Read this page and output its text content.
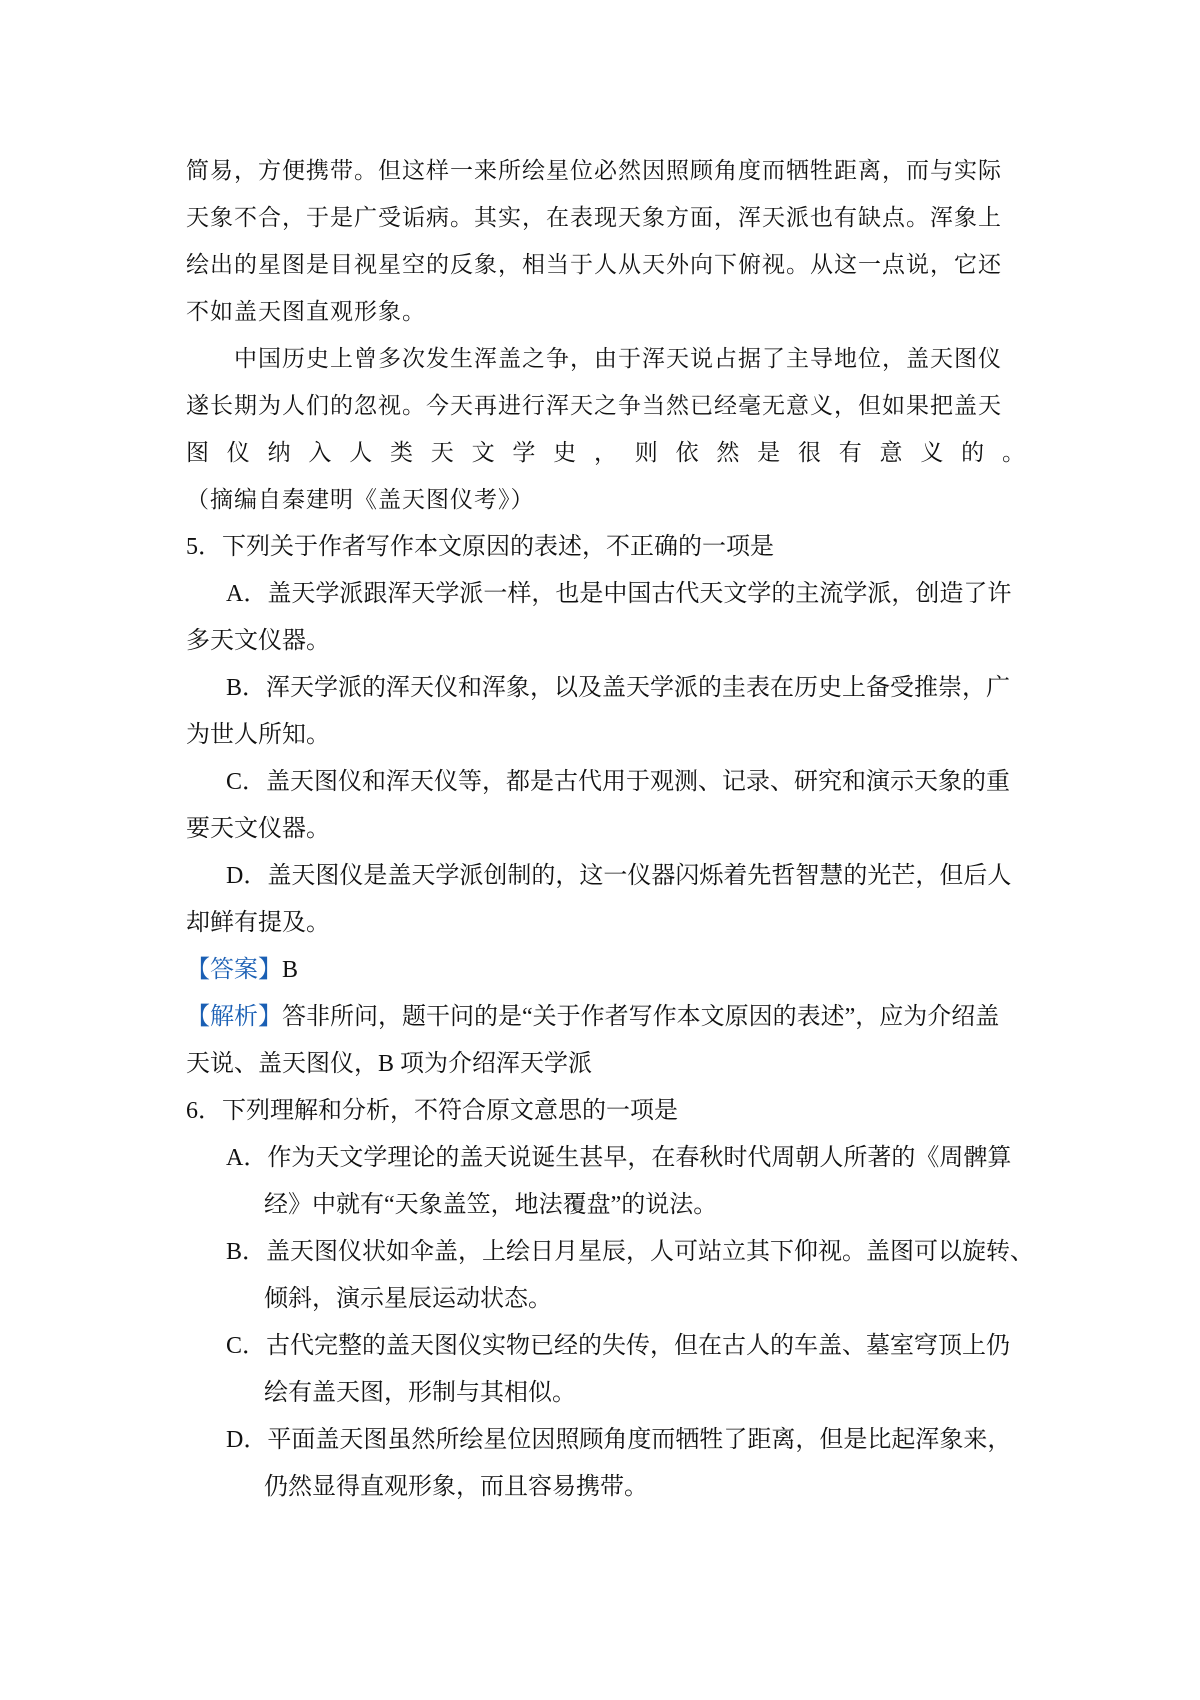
简易，方便携带。但这样一来所绘星位必然因照顾角度而牺牲距离，而与实际

天象不合，于是广受诟病。其实，在表现天象方面，浑天派也有缺点。浑象上

绘出的星图是目视星空的反象，相当于人从天外向下俯视。从这一点说，它还

不如盖天图直观形象。

中国历史上曾多次发生浑盖之争，由于浑天说占据了主导地位，盖天图仪

遂长期为人们的忽视。今天再进行浑天之争当然已经毫无意义，但如果把盖天

图 仪 纳 入 人 类 天 文 学 史 ， 则 依 然 是 很 有 意 义 的 。

（摘编自秦建明《盖天图仪考》）

5．下列关于作者写作本文原因的表述，不正确的一项是

A．盖天学派跟浑天学派一样，也是中国古代天文学的主流学派，创造了许

多天文仪器。

B．浑天学派的浑天仪和浑象，以及盖天学派的圭表在历史上备受推崇，广

为世人所知。

C．盖天图仪和浑天仪等，都是古代用于观测、记录、研究和演示天象的重

要天文仪器。

D．盖天图仪是盖天学派创制的，这一仪器闪烁着先哲智慧的光芒，但后人

却鲜有提及。

【答案】B

【解析】答非所问，题干问的是“关于作者写作本文原因的表述”，应为介绍盖

天说、盖天图仪，B 项为介绍浑天学派

6．下列理解和分析，不符合原文意思的一项是

A．作为天文学理论的盖天说诞生甚早，在春秋时代周朝人所著的《周髀算

经》中就有“天象盖笠，地法覆盘”的说法。

B．盖天图仪状如伞盖，上绘日月星辰，人可站立其下仰视。盖图可以旋转、

倾斜，演示星辰运动状态。

C．古代完整的盖天图仪实物已经的失传，但在古人的车盖、墓室穹顶上仍

绘有盖天图，形制与其相似。

D．平面盖天图虽然所绘星位因照顾角度而牺牲了距离，但是比起浑象来，

仍然显得直观形象，而且容易携带。
